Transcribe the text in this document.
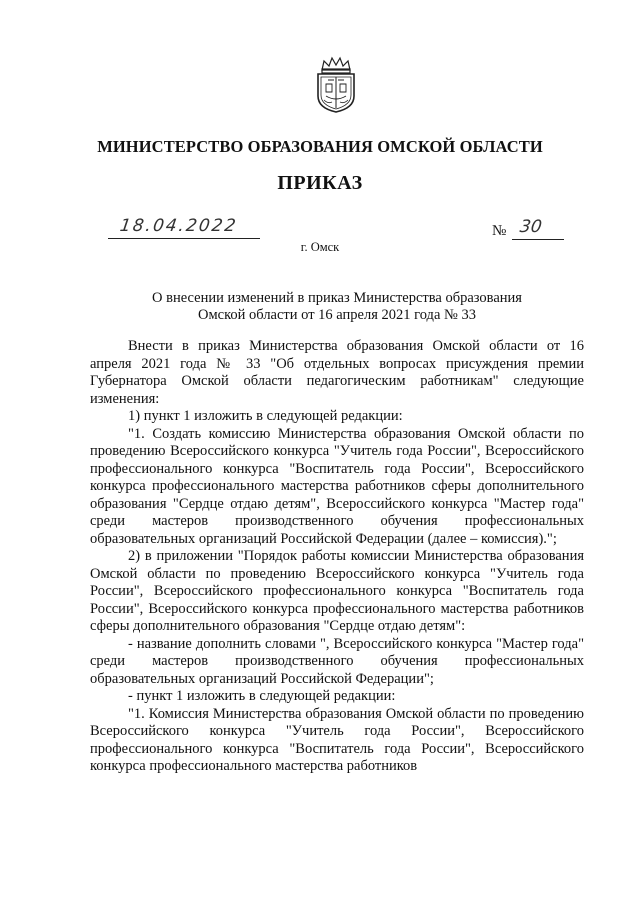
МИНИСТЕРСТВО ОБРАЗОВАНИЯ ОМСКОЙ ОБЛАСТИ
ПРИКАЗ
18.04.2022	№ 30
г. Омск
О внесении изменений в приказ Министерства образования
Омской области от 16 апреля 2021 года № 33

Внести в приказ Министерства образования Омской области от 16 апреля 2021 года № 33 "Об отдельных вопросах присуждения премии Губернатора Омской области педагогическим работникам" следующие изменения:

1) пункт 1 изложить в следующей редакции:

"1. Создать комиссию Министерства образования Омской области по проведению Всероссийского конкурса "Учитель года России", Всероссийского профессионального конкурса "Воспитатель года России", Всероссийского конкурса профессионального мастерства работников сферы дополнительного образования "Сердце отдаю детям", Всероссийского конкурса "Мастер года" среди мастеров производственного обучения профессиональных образовательных организаций Российской Федерации (далее – комиссия).";

2) в приложении "Порядок работы комиссии Министерства образования Омской области по проведению Всероссийского конкурса "Учитель года России", Всероссийского профессионального конкурса "Воспитатель года России", Всероссийского конкурса профессионального мастерства работников сферы дополнительного образования "Сердце отдаю детям":

- название дополнить словами ", Всероссийского конкурса "Мастер года" среди мастеров производственного обучения профессиональных образовательных организаций Российской Федерации";

- пункт 1 изложить в следующей редакции:

"1. Комиссия Министерства образования Омской области по проведению Всероссийского конкурса "Учитель года России", Всероссийского профессионального конкурса "Воспитатель года России", Всероссийского конкурса профессионального мастерства работников
